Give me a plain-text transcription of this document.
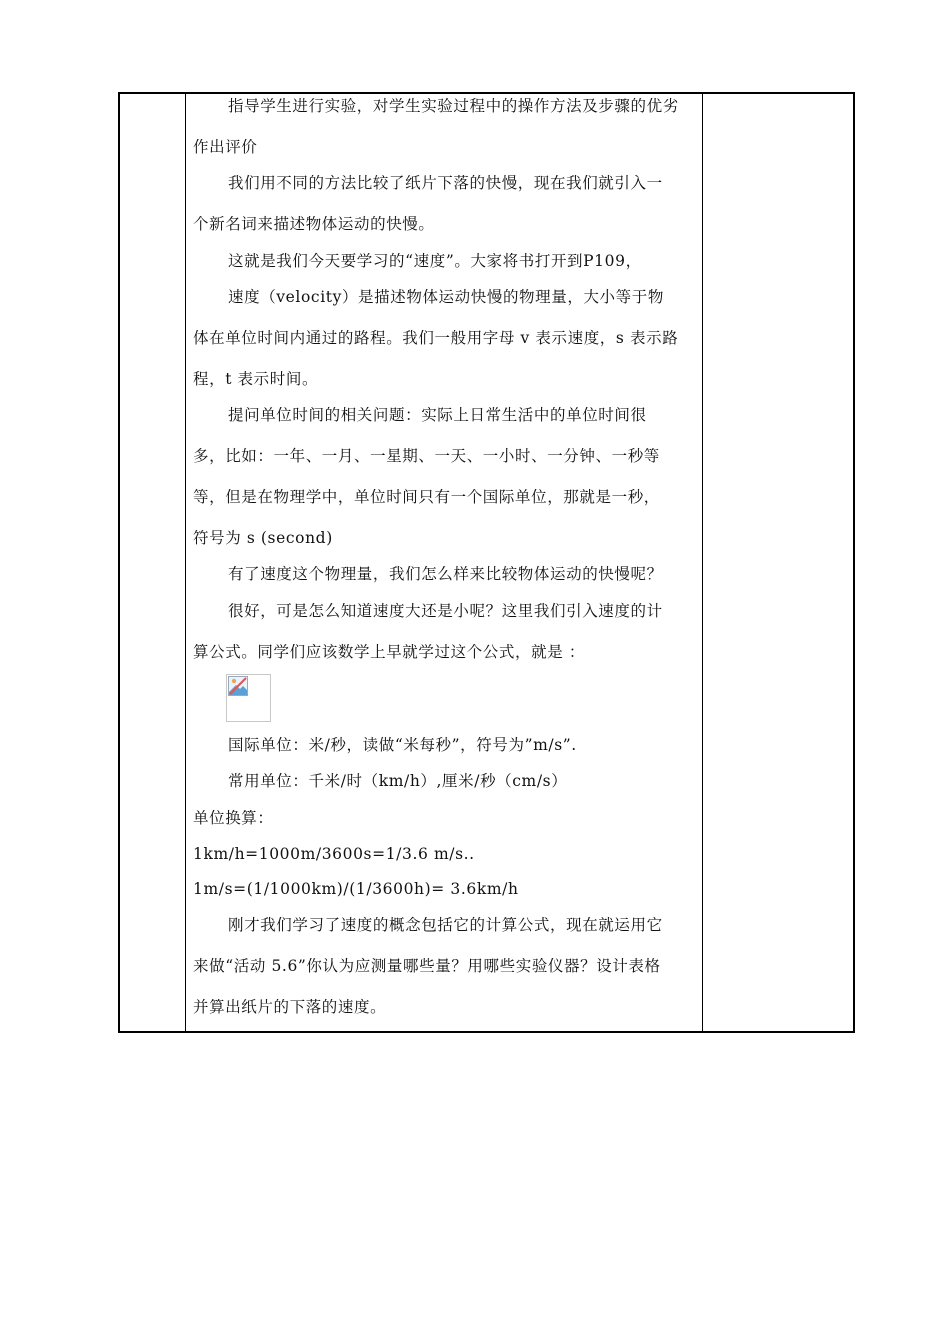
指导学生进行实验，对学生实验过程中的操作方法及步骤的优劣
作出评价
我们用不同的方法比较了纸片下落的快慢，现在我们就引入一
个新名词来描述物体运动的快慢。
这就是我们今天要学习的“速度”。大家将书打开到P109，
速度（velocity）是描述物体运动快慢的物理量，大小等于物
体在单位时间内通过的路程。我们一般用字母 v 表示速度，s 表示路
程，t 表示时间。
提问单位时间的相关问题：实际上日常生活中的单位时间很
多，比如：一年、一月、一星期、一天、一小时、一分钟、一秒等
等，但是在物理学中，单位时间只有一个国际单位，那就是一秒，
符号为 s (second)
有了速度这个物理量，我们怎么样来比较物体运动的快慢呢？
很好，可是怎么知道速度大还是小呢？这里我们引入速度的计
算公式。同学们应该数学上早就学过这个公式，就是 ：
国际单位：米/秒，读做“米每秒”，符号为”m/s”.
常用单位：千米/时（km/h）,厘米/秒（cm/s）
单位换算：
1km/h=1000m/3600s=1/3.6 m/s..
1m/s=(1/1000km)/(1/3600h)= 3.6km/h
刚才我们学习了速度的概念包括它的计算公式，现在就运用它
来做“活动 5.6”你认为应测量哪些量？用哪些实验仪器？设计表格
并算出纸片的下落的速度。
